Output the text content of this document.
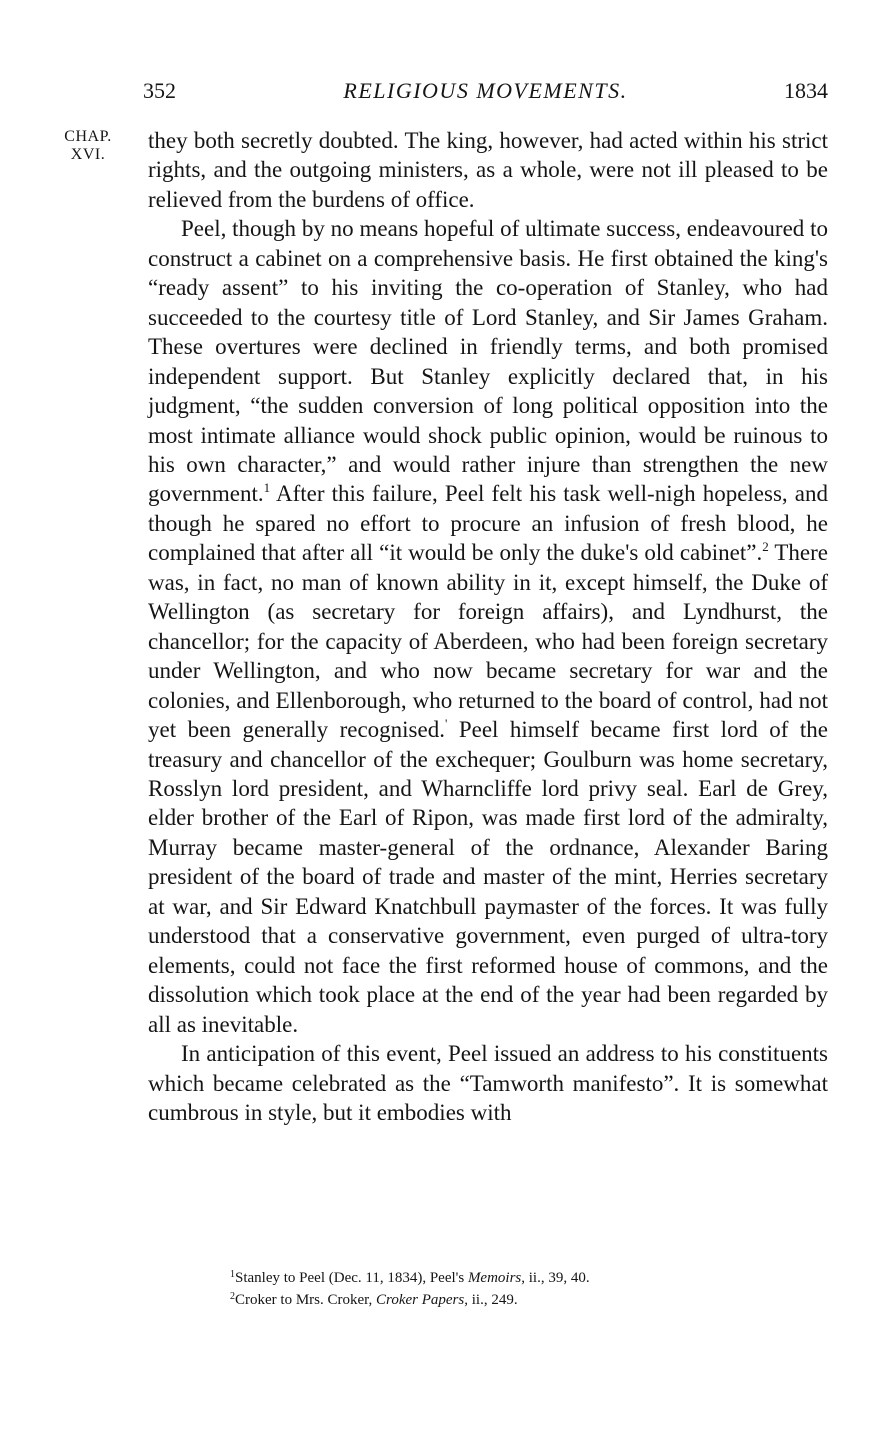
352	RELIGIOUS MOVEMENTS.	1834
CHAP.
XVI.

they both secretly doubted. The king, however, had acted within his strict rights, and the outgoing ministers, as a whole, were not ill pleased to be relieved from the burdens of office.

Peel, though by no means hopeful of ultimate success, endeavoured to construct a cabinet on a comprehensive basis. He first obtained the king's “ready assent” to his inviting the co-operation of Stanley, who had succeeded to the courtesy title of Lord Stanley, and Sir James Graham. These overtures were declined in friendly terms, and both promised independent support. But Stanley explicitly declared that, in his judgment, “the sudden conversion of long political opposition into the most intimate alliance would shock public opinion, would be ruinous to his own character,” and would rather injure than strengthen the new government.$^1$ After this failure, Peel felt his task well-nigh hopeless, and though he spared no effort to procure an infusion of fresh blood, he complained that after all “it would be only the duke's old cabinet”.$^2$ There was, in fact, no man of known ability in it, except himself, the Duke of Wellington (as secretary for foreign affairs), and Lyndhurst, the chancellor; for the capacity of Aberdeen, who had been foreign secretary under Wellington, and who now became secretary for war and the colonies, and Ellenborough, who returned to the board of control, had not yet been generally recognised.' Peel himself became first lord of the treasury and chancellor of the exchequer; Goulburn was home secretary, Rosslyn lord president, and Wharncliffe lord privy seal. Earl de Grey, elder brother of the Earl of Ripon, was made first lord of the admiralty, Murray became master-general of the ordnance, Alexander Baring president of the board of trade and master of the mint, Herries secretary at war, and Sir Edward Knatchbull paymaster of the forces. It was fully understood that a conservative government, even purged of ultra-tory elements, could not face the first reformed house of commons, and the dissolution which took place at the end of the year had been regarded by all as inevitable.

In anticipation of this event, Peel issued an address to his constituents which became celebrated as the “Tamworth manifesto”. It is somewhat cumbrous in style, but it embodies with

$^1$Stanley to Peel (Dec. 11, 1834), Peel's Memoirs, ii., 39, 40.
$^2$Croker to Mrs. Croker, Croker Papers, ii., 249.
